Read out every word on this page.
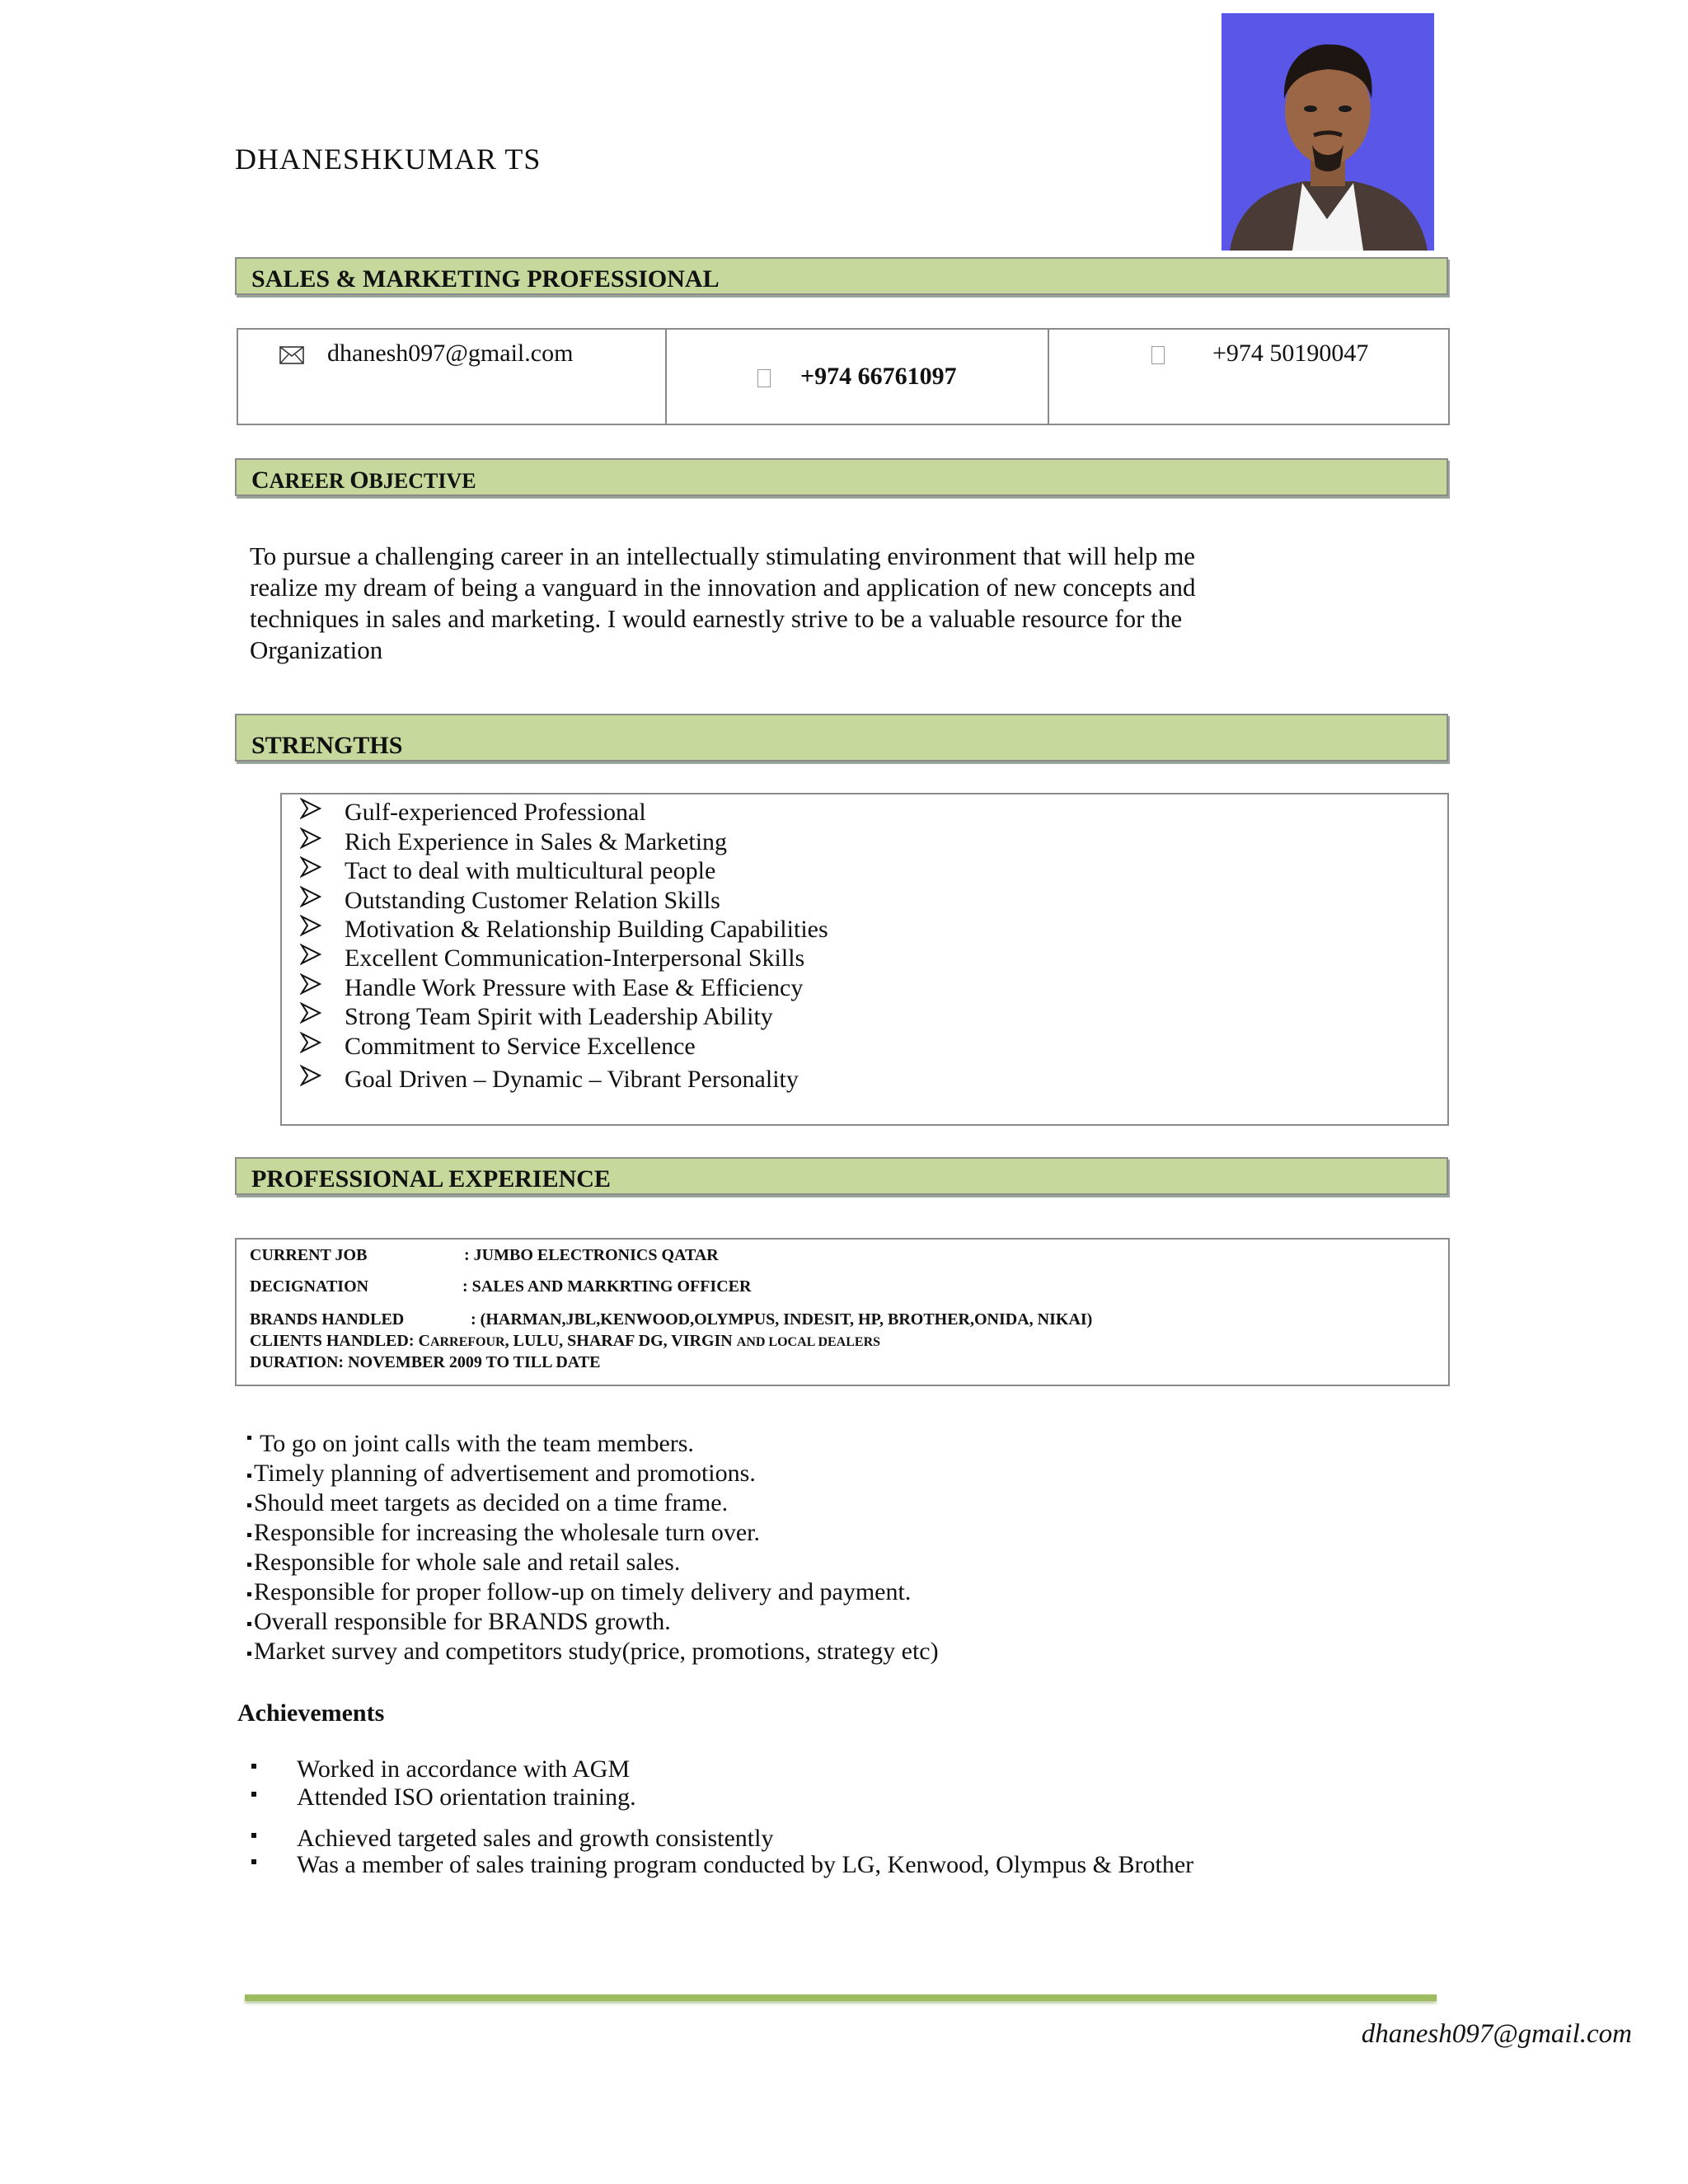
DHANESHKUMAR TS
SALES & MARKETING PROFESSIONAL
dhanesh097@gmail.com
+974 66761097
+974 50190047
CAREER OBJECTIVE
To pursue a challenging career in an intellectually stimulating environment that will help me
realize my dream of being a vanguard in the innovation and application of new concepts and
techniques in sales and marketing. I would earnestly strive to be a valuable resource for the
Organization
STRENGTHS
Gulf-experienced Professional
Rich Experience in Sales & Marketing
Tact to deal with multicultural people
Outstanding Customer Relation Skills
Motivation & Relationship Building Capabilities
Excellent Communication-Interpersonal Skills
Handle Work Pressure with Ease & Efficiency
Strong Team Spirit with Leadership Ability
Commitment to Service Excellence
Goal Driven – Dynamic – Vibrant Personality
PROFESSIONAL EXPERIENCE
CURRENT JOB	: JUMBO ELECTRONICS QATAR
DECIGNATION	: SALES AND MARKRTING OFFICER
BRANDS HANDLED	: (HARMAN,JBL,KENWOOD,OLYMPUS, INDESIT, HP, BROTHER,ONIDA, NIKAI)
CLIENTS HANDLED: CARREFOUR, LULU, SHARAF DG, VIRGIN AND LOCAL DEALERS
DURATION: NOVEMBER 2009 TO TILL DATE
To go on joint calls with the team members.
Timely planning of advertisement and promotions.
Should meet targets as decided on a time frame.
Responsible for increasing the wholesale turn over.
Responsible for whole sale and retail sales.
Responsible for proper follow-up on timely delivery and payment.
Overall responsible for BRANDS growth.
Market survey and competitors study(price, promotions, strategy etc)
Achievements
Worked in accordance with AGM
Attended ISO orientation training.
Achieved targeted sales and growth consistently
Was a member of sales training program conducted by LG, Kenwood, Olympus & Brother
dhanesh097@gmail.com
